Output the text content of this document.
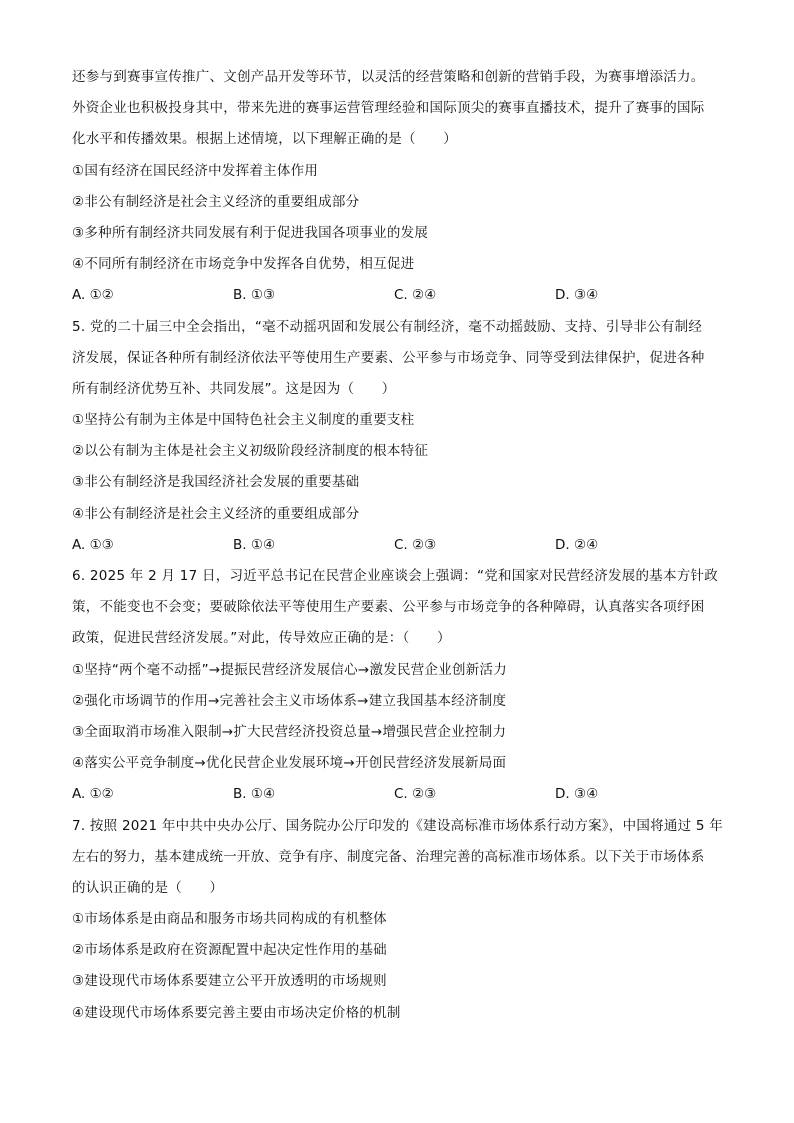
还参与到赛事宣传推广、文创产品开发等环节，以灵活的经营策略和创新的营销手段，为赛事增添活力。
外资企业也积极投身其中，带来先进的赛事运营管理经验和国际顶尖的赛事直播技术，提升了赛事的国际
化水平和传播效果。根据上述情境，以下理解正确的是（　　）
①国有经济在国民经济中发挥着主体作用
②非公有制经济是社会主义经济的重要组成部分
③多种所有制经济共同发展有利于促进我国各项事业的发展
④不同所有制经济在市场竞争中发挥各自优势，相互促进
A. ①②	B. ①③	C. ②④	D. ③④
5. 党的二十届三中全会指出，“毫不动摇巩固和发展公有制经济，毫不动摇鼓励、支持、引导非公有制经
济发展，保证各种所有制经济依法平等使用生产要素、公平参与市场竞争、同等受到法律保护，促进各种
所有制经济优势互补、共同发展”。这是因为（　　）
①坚持公有制为主体是中国特色社会主义制度的重要支柱
②以公有制为主体是社会主义初级阶段经济制度的根本特征
③非公有制经济是我国经济社会发展的重要基础
④非公有制经济是社会主义经济的重要组成部分
A. ①③	B. ①④	C. ②③	D. ②④
6. 2025 年 2 月 17 日，习近平总书记在民营企业座谈会上强调：“党和国家对民营经济发展的基本方针政
策，不能变也不会变；要破除依法平等使用生产要素、公平参与市场竞争的各种障碍，认真落实各项纾困
政策，促进民营经济发展。”对此，传导效应正确的是：（　　）
①坚持“两个毫不动摇”→提振民营经济发展信心→激发民营企业创新活力
②强化市场调节的作用→完善社会主义市场体系→建立我国基本经济制度
③全面取消市场准入限制→扩大民营经济投资总量→增强民营企业控制力
④落实公平竞争制度→优化民营企业发展环境→开创民营经济发展新局面
A. ①②	B. ①④	C. ②③	D. ③④
7. 按照 2021 年中共中央办公厅、国务院办公厅印发的《建设高标准市场体系行动方案》，中国将通过 5 年
左右的努力，基本建成统一开放、竞争有序、制度完备、治理完善的高标准市场体系。以下关于市场体系
的认识正确的是（　　）
①市场体系是由商品和服务市场共同构成的有机整体
②市场体系是政府在资源配置中起决定性作用的基础
③建设现代市场体系要建立公平开放透明的市场规则
④建设现代市场体系要完善主要由市场决定价格的机制
